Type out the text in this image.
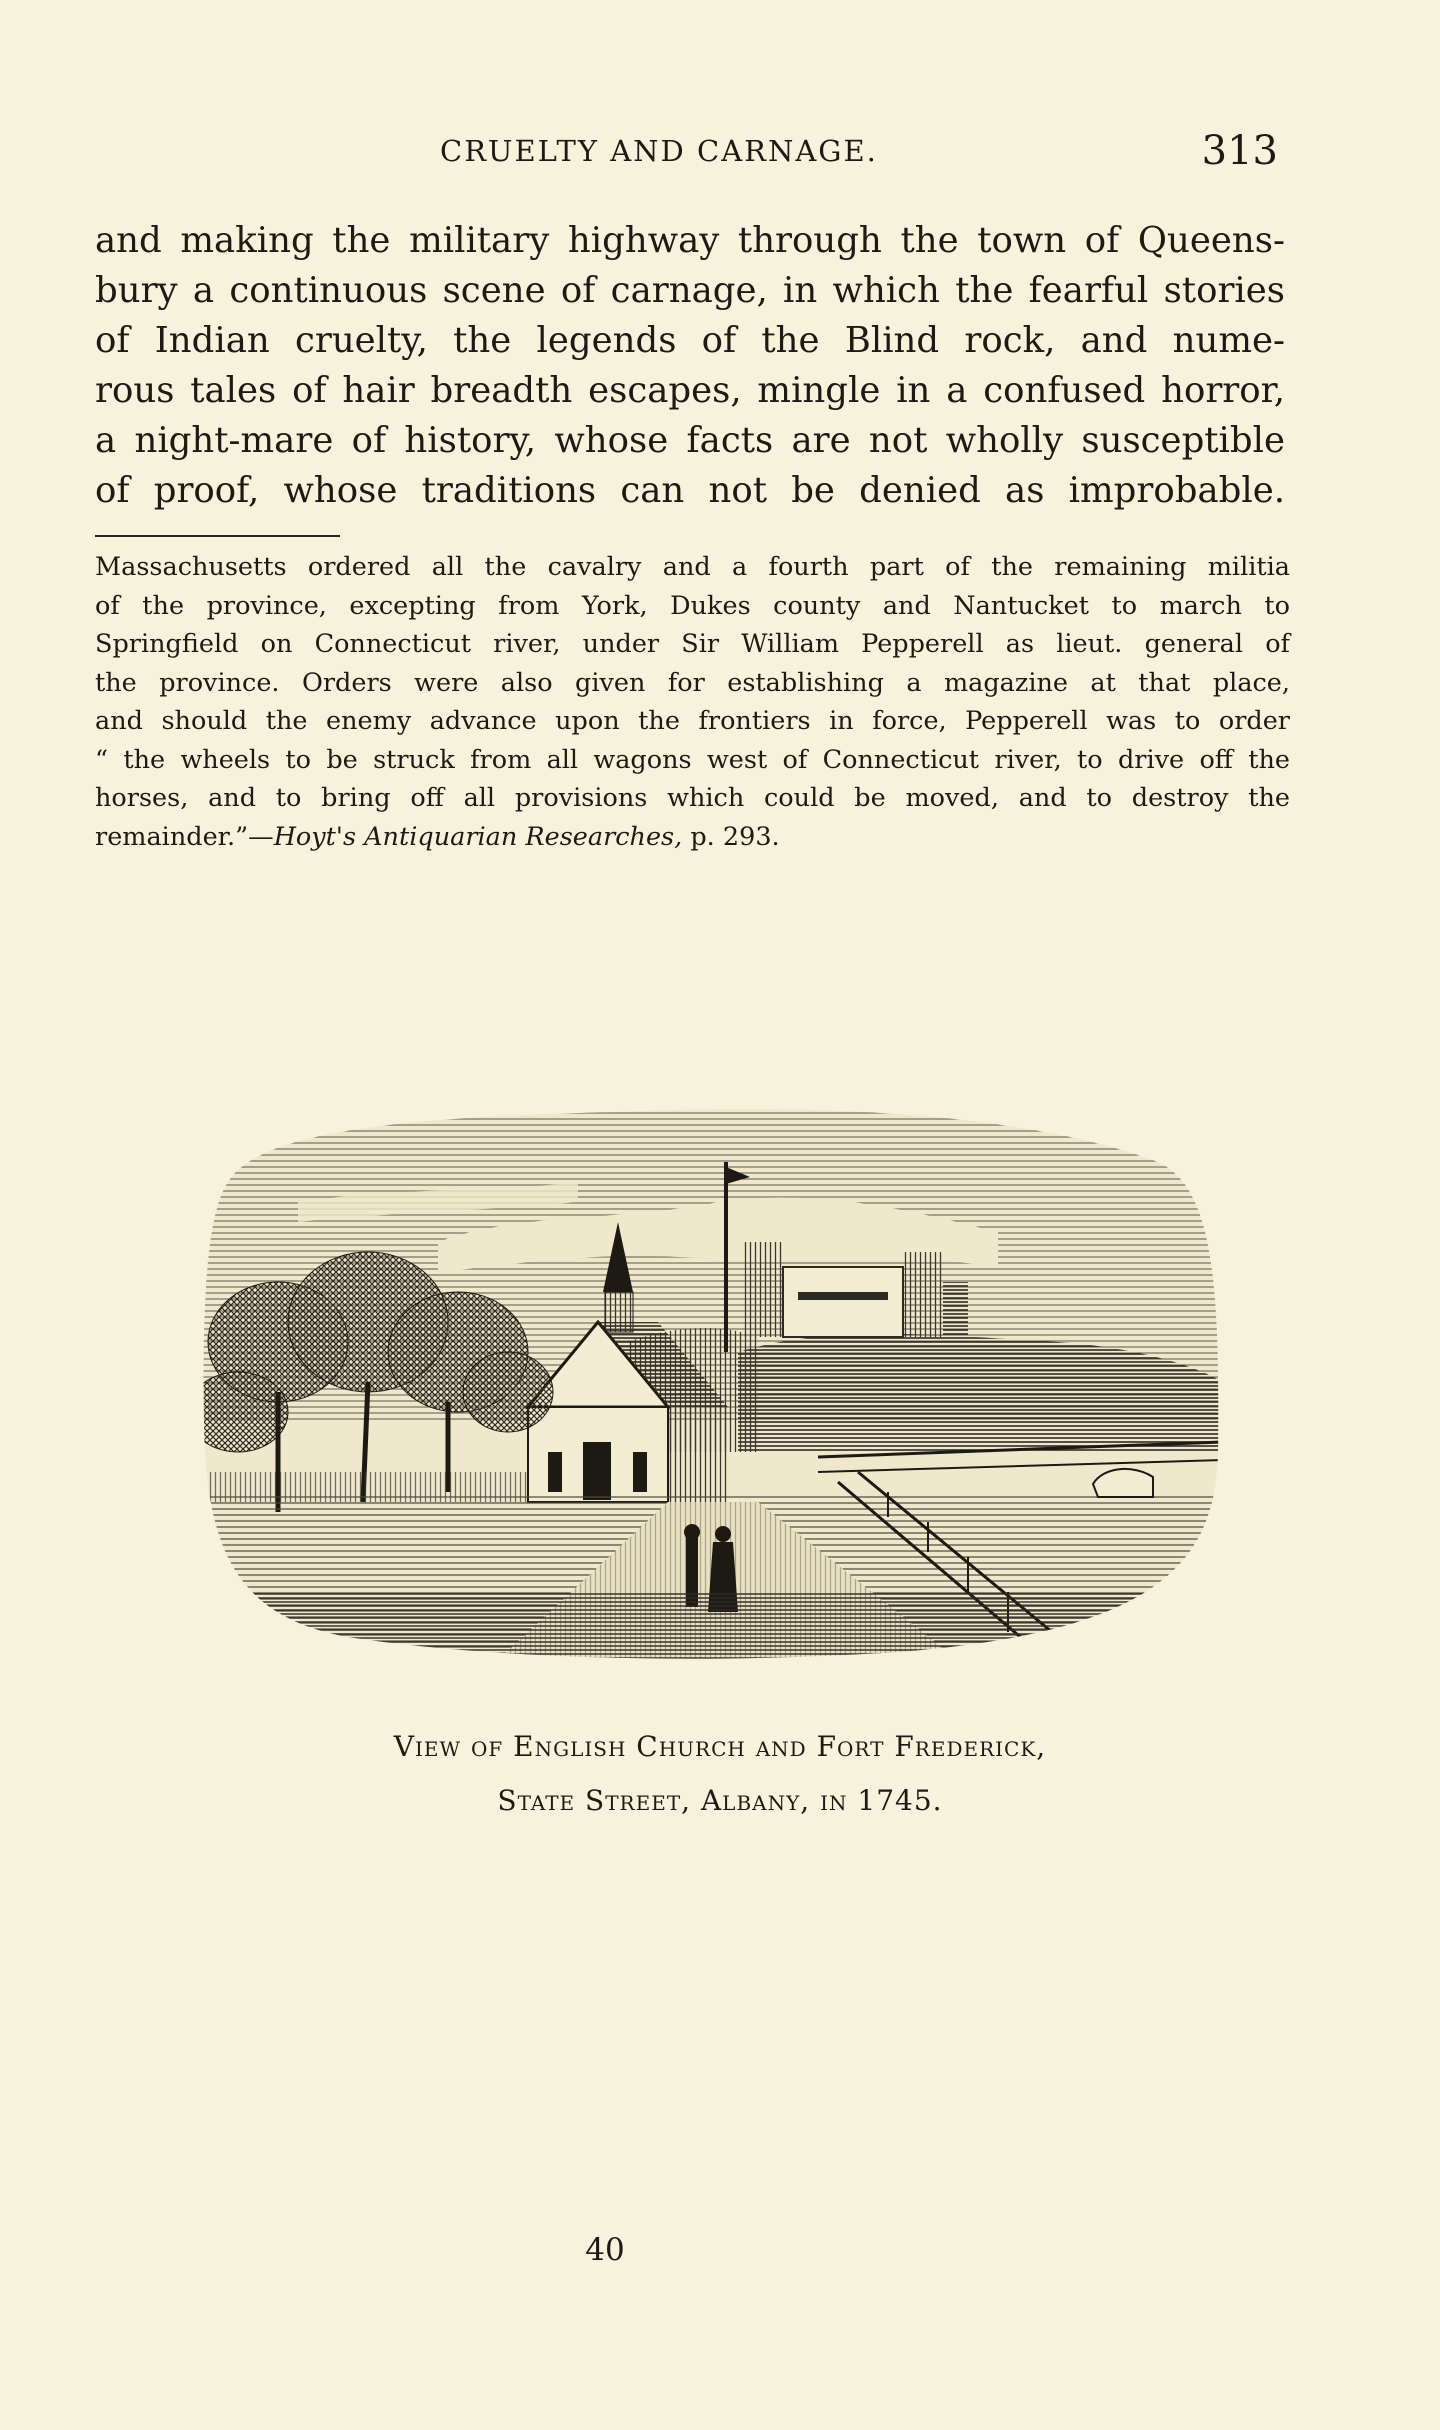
CRUELTY AND CARNAGE.	313
and making the military highway through the town of Queens-
bury a continuous scene of carnage, in which the fearful stories
of Indian cruelty, the legends of the Blind rock, and nume-
rous tales of hair breadth escapes, mingle in a confused horror,
a night-mare of history, whose facts are not wholly susceptible
of proof, whose traditions can not be denied as improbable.
Massachusetts ordered all the cavalry and a fourth part of the remaining militia
of the province, excepting from York, Dukes county and Nantucket to march to
Springfield on Connecticut river, under Sir William Pepperell as lieut. general of
the province. Orders were also given for establishing a magazine at that place,
and should the enemy advance upon the frontiers in force, Pepperell was to order
“ the wheels to be struck from all wagons west of Connecticut river, to drive off the
horses, and to bring off all provisions which could be moved, and to destroy the
remainder.”—Hoyt's Antiquarian Researches, p. 293.
View of English Church and Fort Frederick,
State Street, Albany, in 1745.
40
